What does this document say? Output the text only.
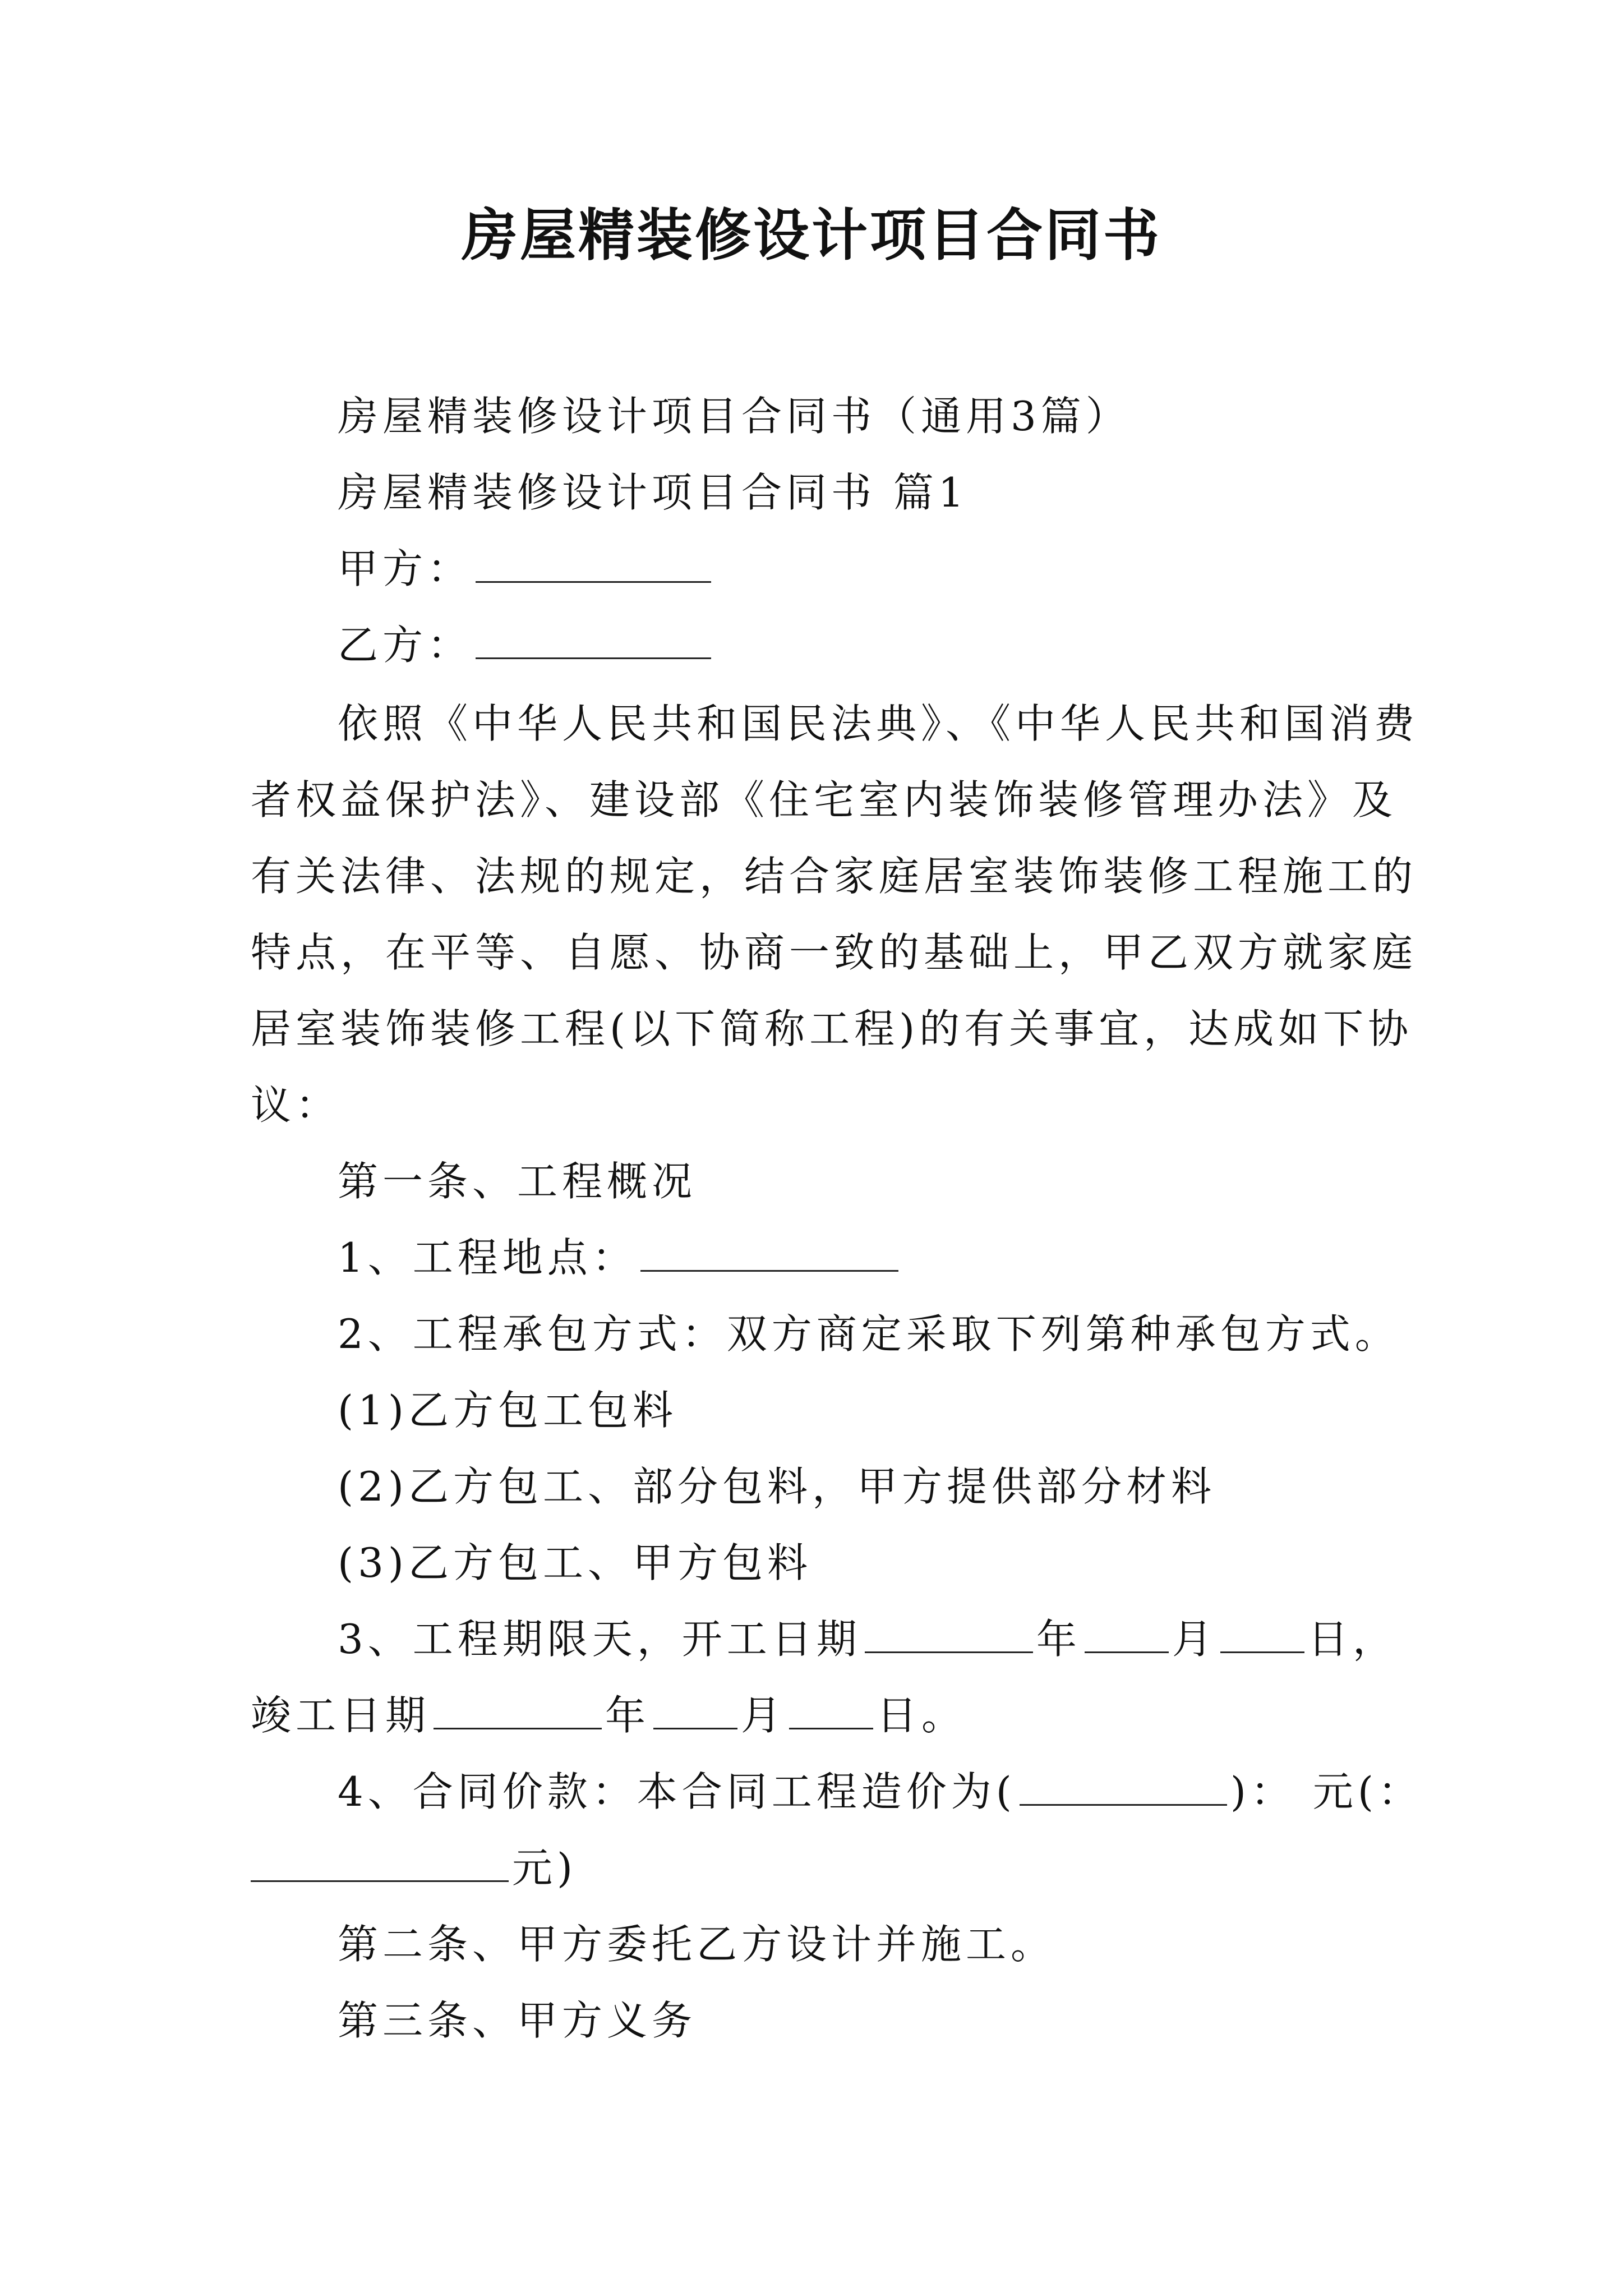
房屋精装修设计项目合同书
房屋精装修设计项目合同书（通用3篇）
房屋精装修设计项目合同书 篇1
甲方：
乙方：
依照《中华人民共和国民法典》、《中华人民共和国消费
者权益保护法》、建设部《住宅室内装饰装修管理办法》及
有关法律、法规的规定，结合家庭居室装饰装修工程施工的
特点，在平等、自愿、协商一致的基础上，甲乙双方就家庭
居室装饰装修工程(以下简称工程)的有关事宜，达成如下协
议：
第一条、工程概况
1、工程地点：
2、工程承包方式：双方商定采取下列第种承包方式。
(1)乙方包工包料
(2)乙方包工、部分包料，甲方提供部分材料
(3)乙方包工、甲方包料
3、工程期限天，开工日期	年 月 日，
竣工日期	年 月 日。
4、合同价款：本合同工程造价为(	)： 元(：
元)
第二条、甲方委托乙方设计并施工。
第三条、甲方义务
